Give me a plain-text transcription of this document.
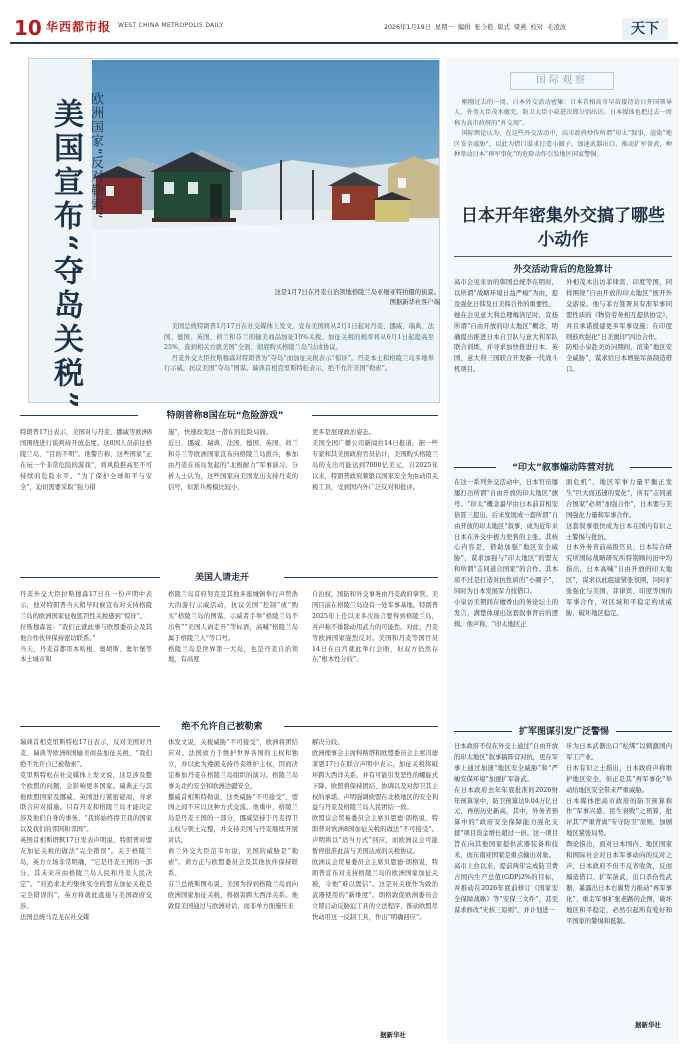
10 华西都市报 WEST CHINA METROPOLIS DAILY	2026年1月19日 星期一 编辑 张今艳 版式 梁燕 校对 毛凌波	天下
这是1月7日在丹麦自治领地格陵兰岛亚细亚特拍摄的街景。
图据新华社客户端
美国宣布“夺岛关税” 欧洲国家“反对勒索”

美国总统特朗普1月17日在社交媒体上发文，宣布美国将从2月1日起对丹麦、挪威、瑞典、法国、德国、英国、荷兰和芬兰的输美商品加征10%关税。加征关税的税率将从6月1日起提高至25%，直到相关方就美国“全面、彻底购买格陵兰岛”达成协议。

丹麦外交大臣拉斯穆森对特朗普为“夺岛”而加征关税表示“惊讶”。丹麦本土和格陵兰岛多地举行示威，抗议美国“夺岛”图谋。瑞典首相克里斯特松表示，绝不允许美国“勒索”。

特朗普称8国在玩“危险游戏”
特朗普17日表示，美国对与丹麦、挪威等欧洲8国围绕进行谈判持开放态度。这8国人员前往格陵兰岛，“目的不明”。他警告称，这些国家“正在玩一个非常危险的游戏”，将风险推高至不可持续的危险水平。“为了保护全球和平与安全”，迫切需要采取“强力措
施”，快速改变这一潜在的危险局面。
近日，挪威、瑞典、法国、德国、英国、荷兰和芬兰等欧洲国家宣布向格陵兰岛派兵，参加由丹麦在该岛发起的“北极耐力”军事演习。分析人士认为，这些国家向美国发出支持丹麦的信号，但派兵规模比较小，
更多是展现政治姿态。
美国全国广播公司新闻台14日报道，据一些专家和其美国政府官员估计，美国购买格陵兰岛的支出可能达到7000亿美元，自2025年以来，特朗普政府频繁以国家安全为由动用关税工具，受到国内外广泛反对和批评。
美国人请走开
丹麦外交大臣拉斯穆森17日在一份声明中表示，他对特朗普当天稍早时候宣布对支持格陵兰岛的欧洲国家征收惩罚性关税感到“惊讶”。
拉斯穆森说：“我们正就此事与欧盟委员会及其他合作伙伴保持密切联系。”
当天，丹麦首都哥本哈根、奥胡斯、奥尔堡等本土城市和
格陵兰岛首府努克及其他多座城镇举行声势浩大的游行示威活动，抗议美国“控制”或“购买”格陵兰岛的图谋。示威者手举“格陵兰岛不出售”“美国人请走开”等标语，高喊“格陵兰岛属于格陵兰人”等口号。
格陵兰岛是世界第一大岛，也是丹麦自治领地，有高度
自治权，国防和外交事务由丹麦政府掌管。美国目前在格陵兰岛设有一处军事基地。特朗普2025年上任以来多次扬言要得到格陵兰岛，并声称不排除动用武力的可能性。对此，丹麦等欧洲国家强烈反对。美国和丹麦等国官员14日在白宫就此举行会晤，但双方仍然存在“根本性分歧”。
绝不允许自己被勒索
瑞典首相克里斯特松17日表示，反对美国对丹麦、瑞典等欧洲8国输美商品加征关税，“我们绝不允许自己被勒索”。
克里斯特松在社交媒体上发文说，这是涉及整个欧盟的问题，会影响更多国家。瑞典正与其他欧盟国家及挪威、英国进行紧密磋商，寻求联合应对措施。只有丹麦和格陵兰岛才能决定涉及他们自身的事务，“我将始终捍卫我的国家以及我们的邻国和邻国”。
英国首相斯塔默17日发表声明说，特朗普对盟友加征关税的做法“完全错误”。关于格陵兰岛，英方立场非常明确，“它是丹麦王国的一部分，其未来应由格陵兰岛人民和丹麦人民决定”。“对追求北约集体安全的盟友加征关税是完全错误的”，英方将就此直接与美国政府交涉。
法国总统马克龙在社交媒
体发文说，关税威胁“不可接受”，欧洲将团结应对。法国致力于维护世界各国的主权和独立，并以此为遵循支持丹麦维护主权，因而决定参加丹麦在格陵兰岛组织的演习。格陵兰岛事关北约安全和欧洲边疆安全。
挪威首相斯特勒说，这类威胁“不可接受”，盟国之间不应以这种方式交流。他重申，格陵兰岛是丹麦王国的一部分，挪威坚持于丹麦捍卫主权与领土完整，并支持美国与丹麦继续开展对话。
荷兰外交大臣范韦尔说，美国的威胁是“勒索”。荷方正与欧盟委员会及其他伙伴保持联系。
芬兰总统斯图布说，美国为得到格陵兰岛而向欧洲国家加征关税，将损害跨大西洋关系。他敦促美国通过与欧洲对话，而非单方面施压来
解决分歧。
欧洲理事会主席科斯塔和欧盟委员会主席冯德莱恩17日在联合声明中表示，加征关税将破坏跨大西洋关系，并有可能引发恶性的螺旋式下降。欧盟将保持团结、协调以及对捍卫其主权的承诺。声明强调欧盟在北极地区的安全利益与丹麦及格陵兰岛人民团结一致。
欧盟议会贸易委员会主席贝恩德·朗格说，特朗普对欧洲8国加征关税的做法“不可接受”。声明将以“适当方式”回应，而欧洲议会可能暂停批准此前与美国达成的关税协议。
欧洲议会贸易委员会主席贝恩德·朗格说，特朗普宣布对支持格陵兰岛的欧洲国家加征关税，令他“难以置信”。这是对关税作为政治武器使用的“新维度”。朗格敦促欧洲委员会立即启动反胁迫工具的立法程序，推动欧盟尽快动用这一反制工具，作出“明确回应”。
据新华社
国际观察

刚刚过去的一周，日本外交活动密集：日本首相高市早苗接待访日外国领导人，外务大臣茂木敏充、防卫大臣小泉进次郎分别出访。日本媒体也把过去一周称为高市政府的“外交周”。

国际舆论认为，在这些外交活动中，高市政府炒作所谓“印太”叙事，渲染“地区安全威胁”，以此为借口谋求打造小圈子、加速武器出口、推动扩军备武，种种举动日本“再军事化”的危险动作引发地区国家警惕。

日本开年密集外交搞了哪些小动作
外交活动背后的危险算计
高市会见来访的韩国总统李在明时，以所谓“战略环境日益严峻”为由，提及强化日韩及日美韩合作的重要性。
她在会见意大利总理梅洛尼时，宣扬所谓“自由开放的印太地区”概念，明确提出推进日本自卫队与意大利军队联合训练，并寻求加快推进日本、英国、意大利三国联合开发新一代战斗机项目。
外相茂木出访菲律宾、印度等国，同样围绕“自由开放的印太地区”展开外交游说。他与菲方签署具有准军事同盟性质的《物资劳务相互提供协定》，并且承诺援建更多军事设施；在印度则鼓吹强化“日美澳印”四边合作。
防相小泉赴美访问期间，渲染“地区安全威胁”，谋求给日本增强军备制造借口。
“印太”叙事煽动阵营对抗
在这一系列外交活动中，日本官员屡屡打出所谓“自由开放的印太地区”旗号。“印太”概念最早由日本前首相安倍晋三提出，后来发展成一套所谓“自由开放的印太地区”叙事，成为近年来日本在外交中极力兜售的主张。其核心内容是，借助加强“地区安全威胁”，谋求加强与“印太地区”的盟友和所谓“志同道合国家”的合作。其本质不过是打造对抗性质的“小圈子”，同时为日本发展军力找借口。
小泉访美期间在檀香山的务论坛上的发言，满楚体现出这套叙事背后的逻辑。他声称，“印太地区正
面危机”，地区军事力量平衡正发生“巨大而迅速的变化”，所有“志同道合国家”必须“加强合作”，日本要与美国强化力量和军事合作。
这套叙事很快成为日本在国内有识之士警惕与批抗。
日本外务省前高级官员、日本综合研究所国际战略研究所特别顾问田中均指出，日本高喊“自由开放的印太地区”，谋求以此组建紧张氛围，同时扩张强化与美国、菲律宾、印度等国的军事合作，对区域和平稳定构成威胁，破坏地区稳定。
扩军图谋引发广泛警惕
日本政府不仅在外交上通过“自由开放的印太地区”叙事搞阵营对抗，更在军事上通过加速“地区安全威胁”和“严峻安保环境”加速扩军备武。
在日本政府去年年底批准的2026财年预算案中，防卫预算达9.04万亿日元，再创历史新高，其中，外务省预算中的“政府安全保障能力强化支援”项目资金增长超过一倍。这一项目旨在向其他国家提供武器装备和技术，而东南亚国家是重点输出对象。
高市上台以来，提前两年完成防卫费占国内生产总值(GDP)2%的目标，并推动在2026年底前修订《国家安全保障战略》等“安保三文件”，甚至谋求修改“无核三原则”，并计划进一
步为日本武器出口“松绑”以刺激国内军工产业。
日本有识之士指出，日本政府声称维护地区安全，但正是其“再军事化”举动给地区安全带来严重威胁。
日本媒体把高市政府的防卫预算称作“军事兴盛、民生衰败”之预算，批评其“严重背离”专守防卫“原则，加剧地区紧张局势。
舆论指出，面对日本国内、地区国家和国际社会对日本军事动向的反对之声，日本政府不但不反省收敛，反而煽造借口、扩军备武，出口杀伤性武器，暴露出日本右翼势力推动“再军事化”、重走军事扩张老路的企图，破坏地区和平稳定，必然引起所有爱好和平国家的警惕和抵制。
据新华社
